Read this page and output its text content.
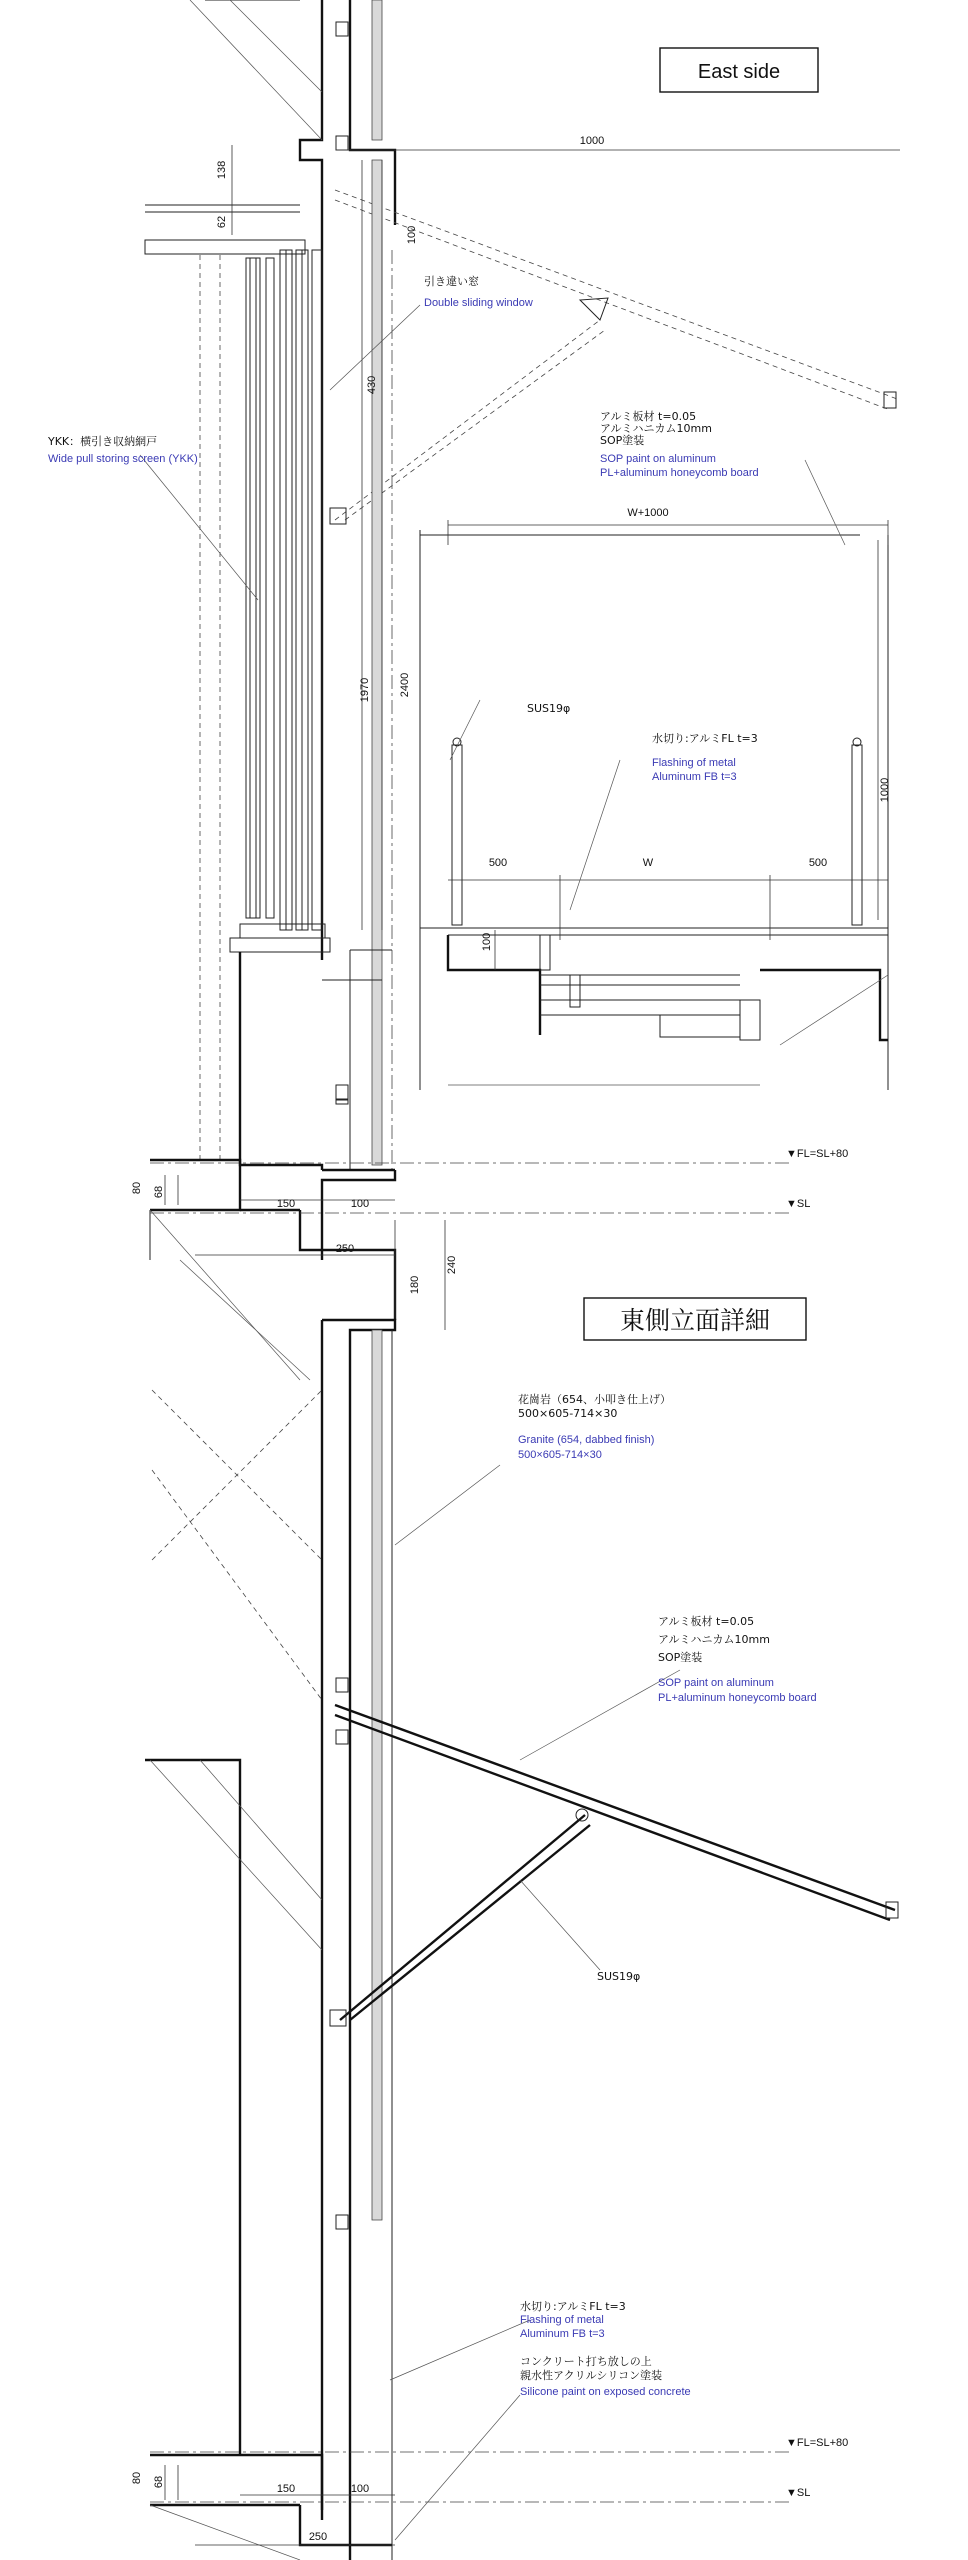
East side
東側立面詳細
引き違い窓
Double sliding window
YKK：横引き収納網戸
Wide pull storing screen (YKK)
アルミ板材 t=0.05
アルミハニカム10mm
SOP塗装
SOP paint on aluminum
PL+aluminum honeycomb board
SUS19φ
水切り:アルミFL t=3
Flashing of metal
Aluminum FB t=3
▼FL=SL+80
▼SL
花崗岩（654、小叩き仕上げ）
500×605-714×30
Granite (654, dabbed finish)
500×605-714×30
アルミ板材 t=0.05
アルミハニカム10mm
SOP塗装
SOP paint on aluminum
PL+aluminum honeycomb board
SUS19φ
水切り:アルミFL t=3
Flashing of metal
Aluminum FB t=3
コンクリート打ち放しの上
親水性アクリルシリコン塗装
Silicone paint on exposed concrete
▼FL=SL+80
▼SL
1000
138
62
100
430
1970	2400
W+1000
500	W	500
1000
100
80 68
150	100
250
240
180
80 68
150	100
250
